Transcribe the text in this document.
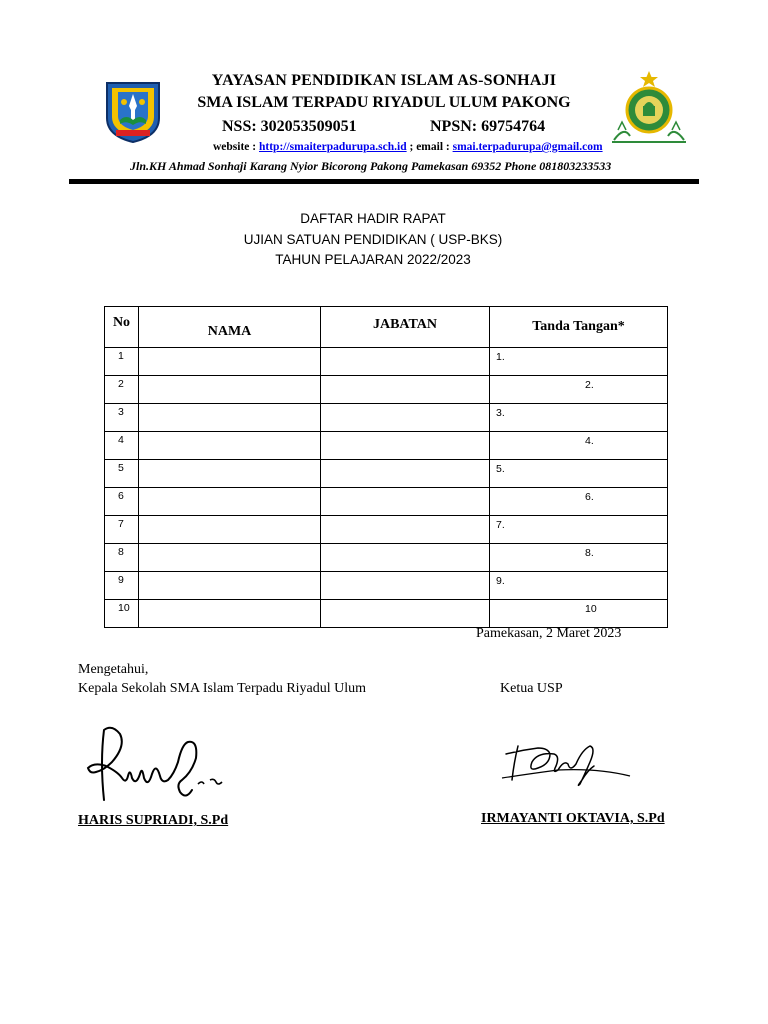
YAYASAN PENDIDIKAN ISLAM AS-SONHAJI
SMA ISLAM TERPADU RIYADUL ULUM PAKONG
NSS: 302053509051	NPSN: 69754764
website : http://smaiterpadurupa.sch.id ; email : smai.terpadurupa@gmail.com
Jln.KH Ahmad Sonhaji Karang Nyior Bicorong Pakong Pamekasan 69352 Phone 081803233533
DAFTAR HADIR RAPAT
UJIAN SATUAN PENDIDIKAN ( USP-BKS)
TAHUN PELAJARAN 2022/2023
No	NAMA	JABATAN	Tanda Tangan*
1			1.
2			2.
3			3.
4			4.
5			5.
6			6.
7			7.
8			8.
9			9.
10			10
Pamekasan, 2 Maret 2023
Mengetahui,
Kepala Sekolah SMA Islam Terpadu Riyadul Ulum	Ketua USP
HARIS SUPRIADI, S.Pd	IRMAYANTI OKTAVIA, S.Pd
